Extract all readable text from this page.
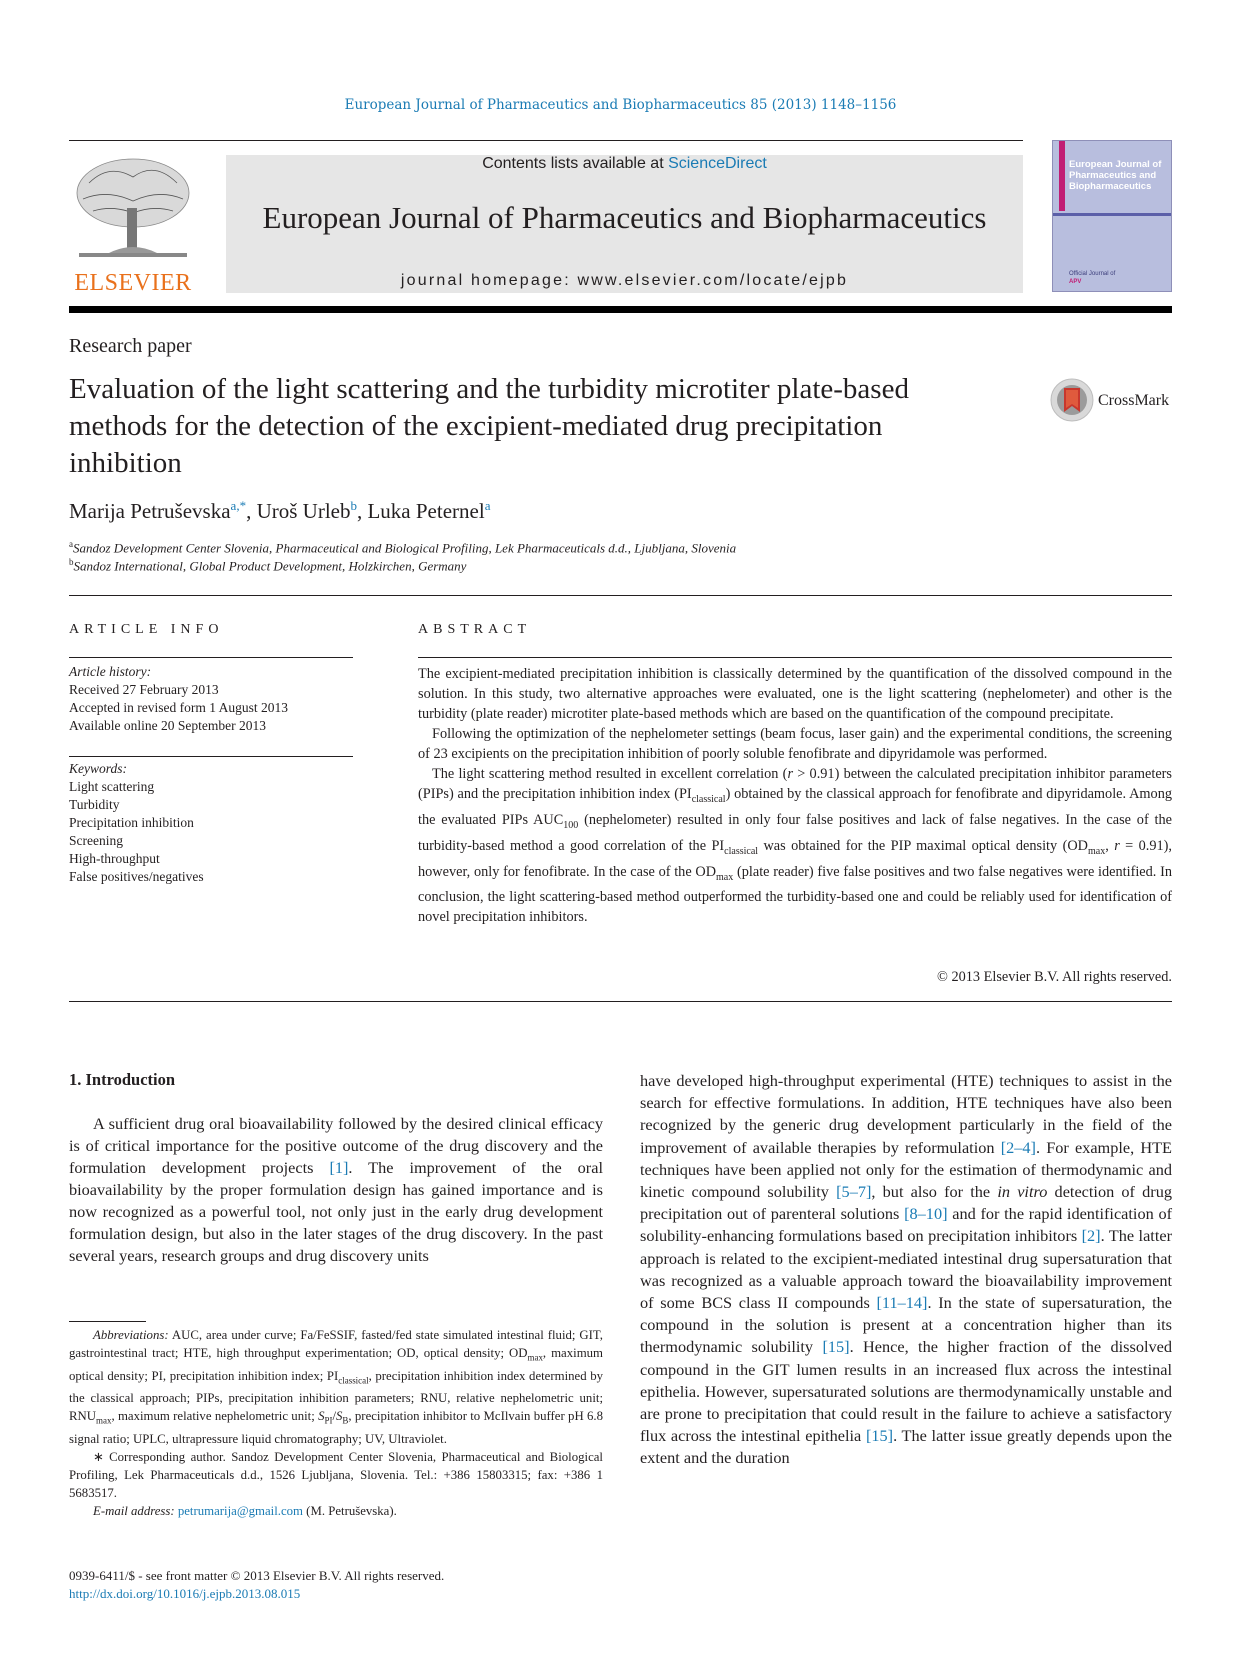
European Journal of Pharmaceutics and Biopharmaceutics 85 (2013) 1148–1156
ELSEVIER
Contents lists available at ScienceDirect
European Journal of Pharmaceutics and Biopharmaceutics
journal homepage: www.elsevier.com/locate/ejpb
European Journal of Pharmaceutics and Biopharmaceutics
Official Journal of
APV
Research paper
Evaluation of the light scattering and the turbidity microtiter plate-based methods for the detection of the excipient-mediated drug precipitation inhibition
CrossMark
Marija Petruševska$^{a,*}$, Uroš Urleb$^b$, Luka Peternel$^a$
$^a$Sandoz Development Center Slovenia, Pharmaceutical and Biological Profiling, Lek Pharmaceuticals d.d., Ljubljana, Slovenia
$^b$Sandoz International, Global Product Development, Holzkirchen, Germany
ARTICLE INFO
Article history:
Received 27 February 2013
Accepted in revised form 1 August 2013
Available online 20 September 2013
Keywords:
Light scattering
Turbidity
Precipitation inhibition
Screening
High-throughput
False positives/negatives
ABSTRACT

The excipient-mediated precipitation inhibition is classically determined by the quantification of the dissolved compound in the solution. In this study, two alternative approaches were evaluated, one is the light scattering (nephelometer) and other is the turbidity (plate reader) microtiter plate-based methods which are based on the quantification of the compound precipitate.

Following the optimization of the nephelometer settings (beam focus, laser gain) and the experimental conditions, the screening of 23 excipients on the precipitation inhibition of poorly soluble fenofibrate and dipyridamole was performed.

The light scattering method resulted in excellent correlation (r > 0.91) between the calculated precipitation inhibitor parameters (PIPs) and the precipitation inhibition index $(PI_{classical})$ obtained by the classical approach for fenofibrate and dipyridamole. Among the evaluated PIPs $AUC_{100}$ (nephelometer) resulted in only four false positives and lack of false negatives. In the case of the turbidity-based method a good correlation of the $PI_{classical}$ was obtained for the PIP maximal optical density ($OD_{max}$, r = 0.91), however, only for fenofibrate. In the case of the $OD_{max}$ (plate reader) five false positives and two false negatives were identified. In conclusion, the light scattering-based method outperformed the turbidity-based one and could be reliably used for identification of novel precipitation inhibitors.

© 2013 Elsevier B.V. All rights reserved.
1. Introduction

A sufficient drug oral bioavailability followed by the desired clinical efficacy is of critical importance for the positive outcome of the drug discovery and the formulation development projects [1]. The improvement of the oral bioavailability by the proper formulation design has gained importance and is now recognized as a powerful tool, not only just in the early drug development formulation design, but also in the later stages of the drug discovery. In the past several years, research groups and drug discovery units

have developed high-throughput experimental (HTE) techniques to assist in the search for effective formulations. In addition, HTE techniques have also been recognized by the generic drug development particularly in the field of the improvement of available therapies by reformulation [2–4]. For example, HTE techniques have been applied not only for the estimation of thermodynamic and kinetic compound solubility [5–7], but also for the in vitro detection of drug precipitation out of parenteral solutions [8–10] and for the rapid identification of solubility-enhancing formulations based on precipitation inhibitors [2]. The latter approach is related to the excipient-mediated intestinal drug supersaturation that was recognized as a valuable approach toward the bioavailability improvement of some BCS class II compounds [11–14]. In the state of supersaturation, the compound in the solution is present at a concentration higher than its thermodynamic solubility [15]. Hence, the higher fraction of the dissolved compound in the GIT lumen results in an increased flux across the intestinal epithelia. However, supersaturated solutions are thermodynamically unstable and are prone to precipitation that could result in the failure to achieve a satisfactory flux across the intestinal epithelia [15]. The latter issue greatly depends upon the extent and the duration

Abbreviations: AUC, area under curve; Fa/FeSSIF, fasted/fed state simulated intestinal fluid; GIT, gastrointestinal tract; HTE, high throughput experimentation; OD, optical density; $OD_{max}$, maximum optical density; PI, precipitation inhibition index; $PI_{classical}$, precipitation inhibition index determined by the classical approach; PIPs, precipitation inhibition parameters; RNU, relative nephelometric unit; $RNU_{max}$, maximum relative nephelometric unit; $S_{PI}/S_B$, precipitation inhibitor to McIlvain buffer pH 6.8 signal ratio; UPLC, ultrapressure liquid chromatography; UV, Ultraviolet.

∗ Corresponding author. Sandoz Development Center Slovenia, Pharmaceutical and Biological Profiling, Lek Pharmaceuticals d.d., 1526 Ljubljana, Slovenia. Tel.: +386 15803315; fax: +386 1 5683517.

E-mail address: petrumarija@gmail.com (M. Petruševska).

0939-6411/$ - see front matter © 2013 Elsevier B.V. All rights reserved.
http://dx.doi.org/10.1016/j.ejpb.2013.08.015
